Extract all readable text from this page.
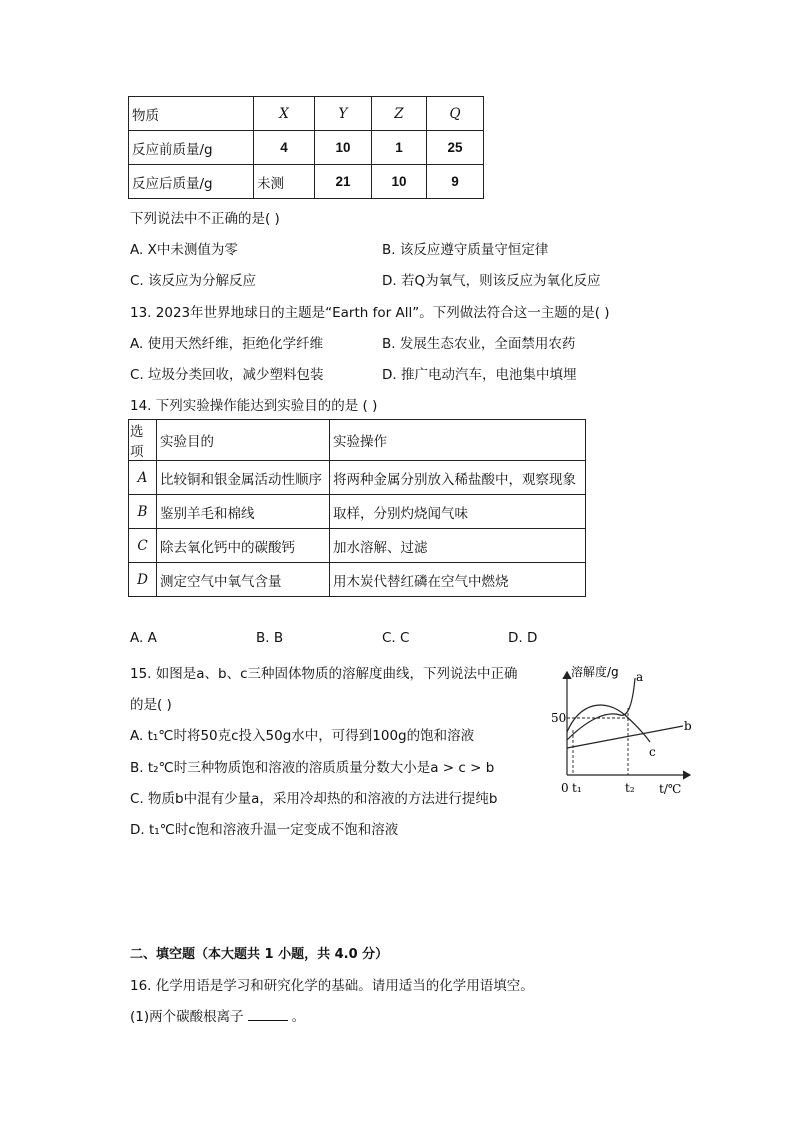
物质	X	Y	Z	Q
反应前质量/g	4	10	1	25
反应后质量/g	未测	21	10	9
下列说法中不正确的是( )
A. X中未测值为零	B. 该反应遵守质量守恒定律
C. 该反应为分解反应	D. 若Q为氧气，则该反应为氧化反应
13. 2023年世界地球日的主题是“Earth for All”。下列做法符合这一主题的是( )
A. 使用天然纤维，拒绝化学纤维	B. 发展生态农业，全面禁用农药
C. 垃圾分类回收，减少塑料包装	D. 推广电动汽车，电池集中填埋
14. 下列实验操作能达到实验目的的是 ( )
选项	实验目的	实验操作
A	比较铜和银金属活动性顺序	将两种金属分别放入稀盐酸中，观察现象
B	鉴别羊毛和棉线	取样，分别灼烧闻气味
C	除去氧化钙中的碳酸钙	加水溶解、过滤
D	测定空气中氧气含量	用木炭代替红磷在空气中燃烧
A. A	B. B	C. C	D. D
15. 如图是a、b、c三种固体物质的溶解度曲线，下列说法中正确
的是( )
A. t₁℃时将50克c投入50g水中，可得到100g的饱和溶液
B. t₂℃时三种物质饱和溶液的溶质质量分数大小是a > c > b
C. 物质b中混有少量a，采用冷却热的和溶液的方法进行提纯b
D. t₁℃时c饱和溶液升温一定变成不饱和溶液
溶解度/g
t/℃
0 t₁	t₂
50
a
b
c
二、填空题（本大题共 1 小题，共 4.0 分）
16. 化学用语是学习和研究化学的基础。请用适当的化学用语填空。
(1)两个碳酸根离子	。
